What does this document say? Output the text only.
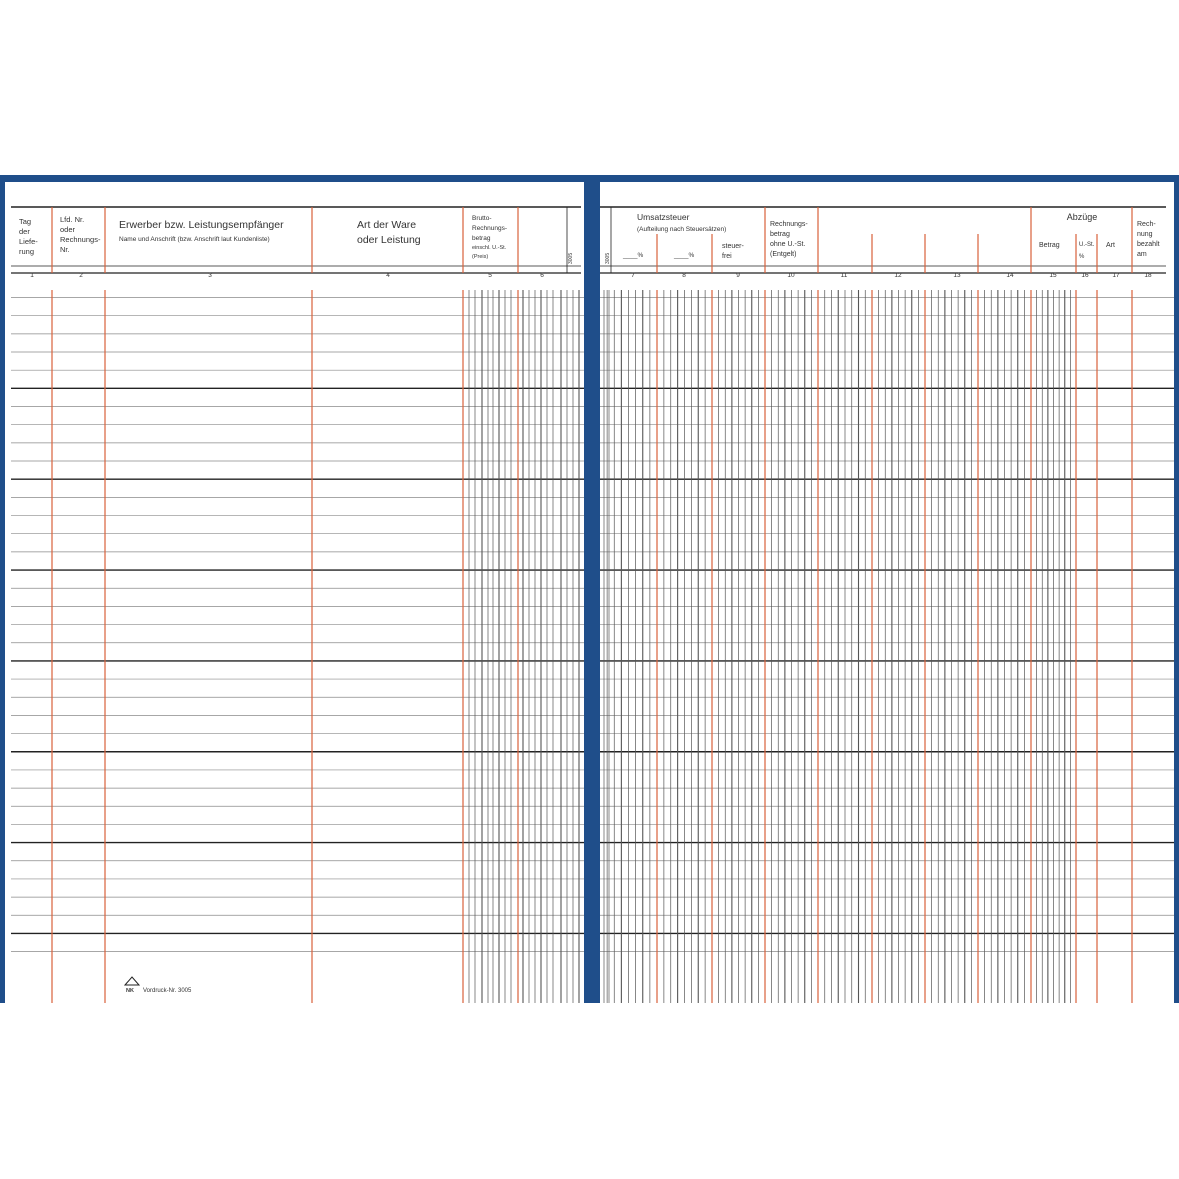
Tag
der
Liefe-
rung
Lfd. Nr.
oder
Rechnungs-
Nr.
Erwerber bzw. Leistungsempfänger
Name und Anschrift (bzw. Anschrift laut Kundenliste)
Art der Ware
oder Leistung
Brutto-
Rechnungs-
betrag
einschl. U.-St.
(Preis)	3005
1	2	3	4	5	6
NK Vordruck-Nr. 3005
3005
Umsatzsteuer
(Aufteilung nach Steuersätzen)
____%	____%
steuer-
frei
Rechnungs-
betrag
ohne U.-St.
(Entgelt)
Abzüge
Betrag	U.-St.
%
Art
Rech-
nung
bezahlt
am
7	8	9	10	11	12	13	14	15	16	17	18
